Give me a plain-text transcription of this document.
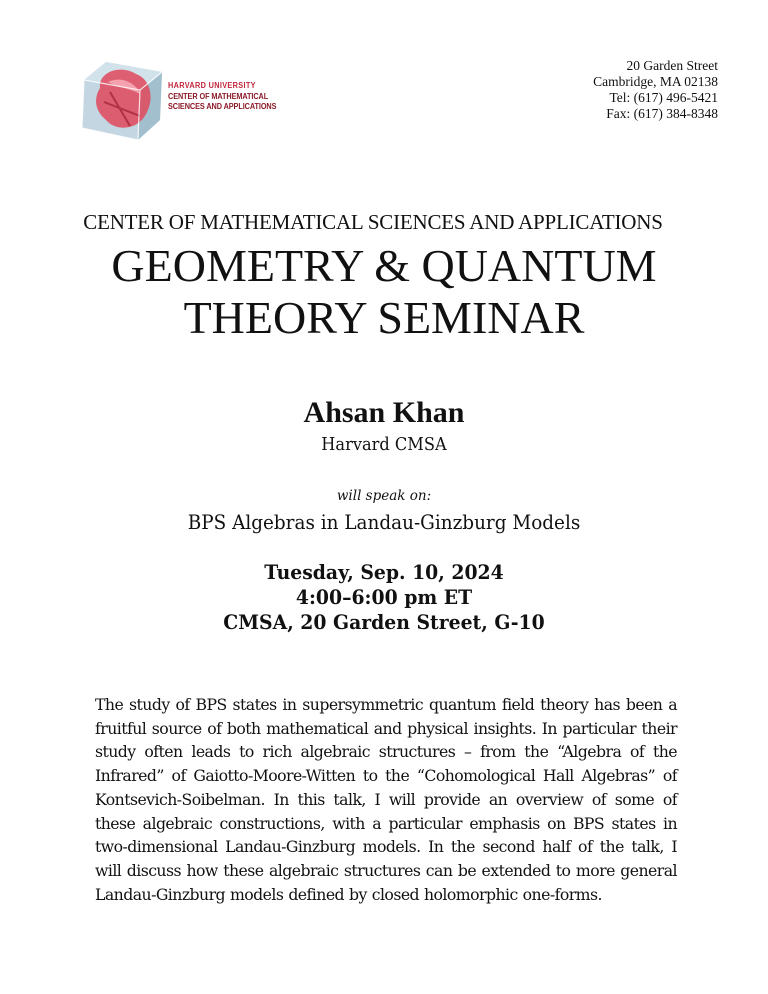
HARVARD UNIVERSITY
CENTER OF MATHEMATICAL
SCIENCES AND APPLICATIONS
20 Garden Street
Cambridge, MA 02138
Tel: (617) 496-5421
Fax: (617) 384-8348
CENTER OF MATHEMATICAL SCIENCES AND APPLICATIONS
GEOMETRY & QUANTUM
THEORY SEMINAR
Ahsan Khan
Harvard CMSA
will speak on:
BPS Algebras in Landau-Ginzburg Models
Tuesday, Sep. 10, 2024
4:00–6:00 pm ET
CMSA, 20 Garden Street, G-10
The study of BPS states in supersymmetric quantum field theory has been a fruitful source of both mathematical and physical insights. In particular their study often leads to rich algebraic structures – from the “Algebra of the Infrared” of Gaiotto-Moore-Witten to the “Cohomological Hall Algebras” of Kontsevich-Soibelman. In this talk, I will provide an overview of some of these algebraic constructions, with a particular emphasis on BPS states in two-dimensional Landau-Ginzburg models. In the second half of the talk, I will discuss how these algebraic structures can be extended to more general Landau-Ginzburg models defined by closed holomorphic one-forms.
